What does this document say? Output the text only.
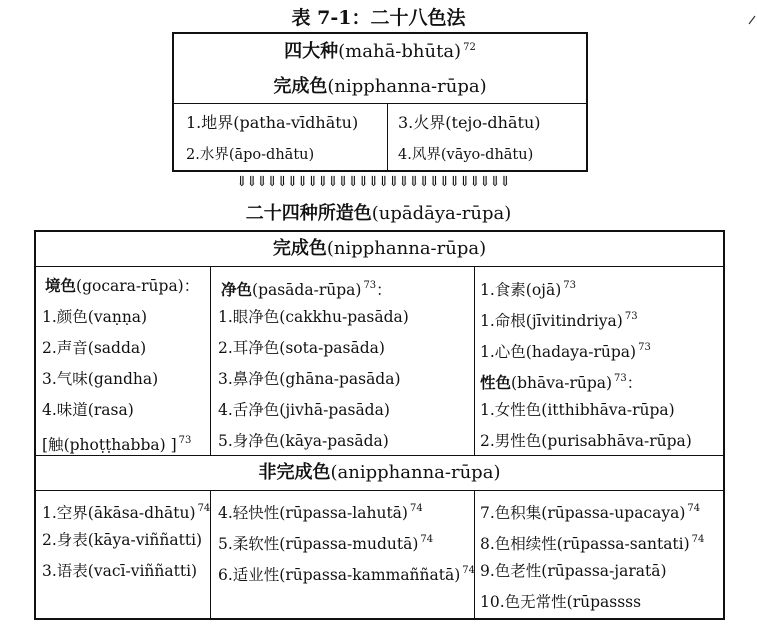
表 7-1：二十八色法
四大种(mahā-bhūta) $^{72}$
完成色(nipphanna-rūpa)
1.地界(patha-vīdhātu)
2.水界(āpo-dhātu)
3.火界(tejo-dhātu)
4.风界(vāyo-dhātu)
⇓⇓⇓⇓⇓⇓⇓⇓⇓⇓⇓⇓⇓⇓⇓⇓⇓⇓⇓⇓⇓⇓⇓⇓⇓⇓⇓
二十四种所造色(upādāya-rūpa)
完成色(nipphanna-rūpa)
境色(gocara-rūpa)：
1.颜色(vaṇṇa)
2.声音(sadda)
3.气味(gandha)
4.味道(rasa)
[触(phoṭṭhabba) ] $^{73}$
净色(pasāda-rūpa) $^{73}$：
1.眼净色(cakkhu-pasāda)
2.耳净色(sota-pasāda)
3.鼻净色(ghāna-pasāda)
4.舌净色(jivhā-pasāda)
5.身净色(kāya-pasāda)
1.食素(ojā) $^{73}$
1.命根(jīvitindriya) $^{73}$
1.心色(hadaya-rūpa) $^{73}$
性色(bhāva-rūpa) $^{73}$：
1.女性色(itthibhāva-rūpa)
2.男性色(purisabhāva-rūpa)
非完成色(anipphanna-rūpa)
1.空界(ākāsa-dhātu) $^{74}$
2.身表(kāya-viññatti)
3.语表(vacī-viññatti)
4.轻快性(rūpassa-lahutā) $^{74}$
5.柔软性(rūpassa-mudutā) $^{74}$
6.适业性(rūpassa-kammaññatā) $^{74}$
7.色积集(rūpassa-upacaya) $^{74}$
8.色相续性(rūpassa-santati) $^{74}$
9.色老性(rūpassa-jaratā)
10.色无常性(rūpassss
